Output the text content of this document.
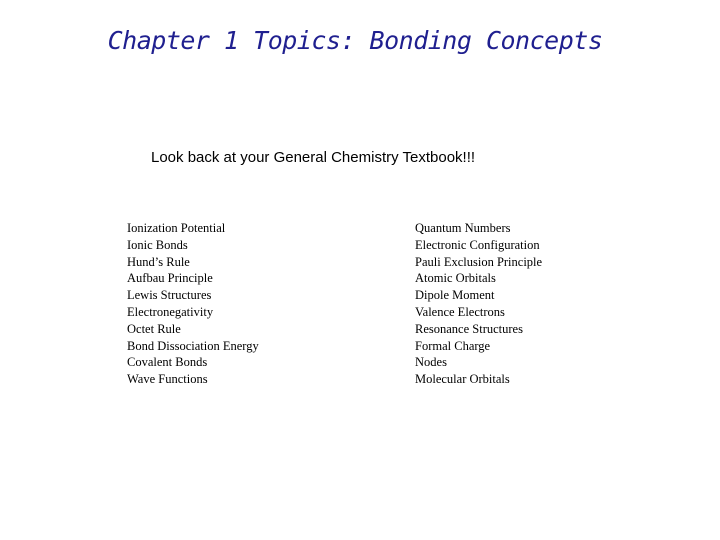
Chapter 1 Topics: Bonding Concepts
Look back at your General Chemistry Textbook!!!
Ionization Potential
Ionic Bonds
Hund’s Rule
Aufbau Principle
Lewis Structures
Electronegativity
Octet Rule
Bond Dissociation Energy
Covalent Bonds
Wave Functions
Quantum Numbers
Electronic Configuration
Pauli Exclusion Principle
Atomic Orbitals
Dipole Moment
Valence Electrons
Resonance Structures
Formal Charge
Nodes
Molecular Orbitals
